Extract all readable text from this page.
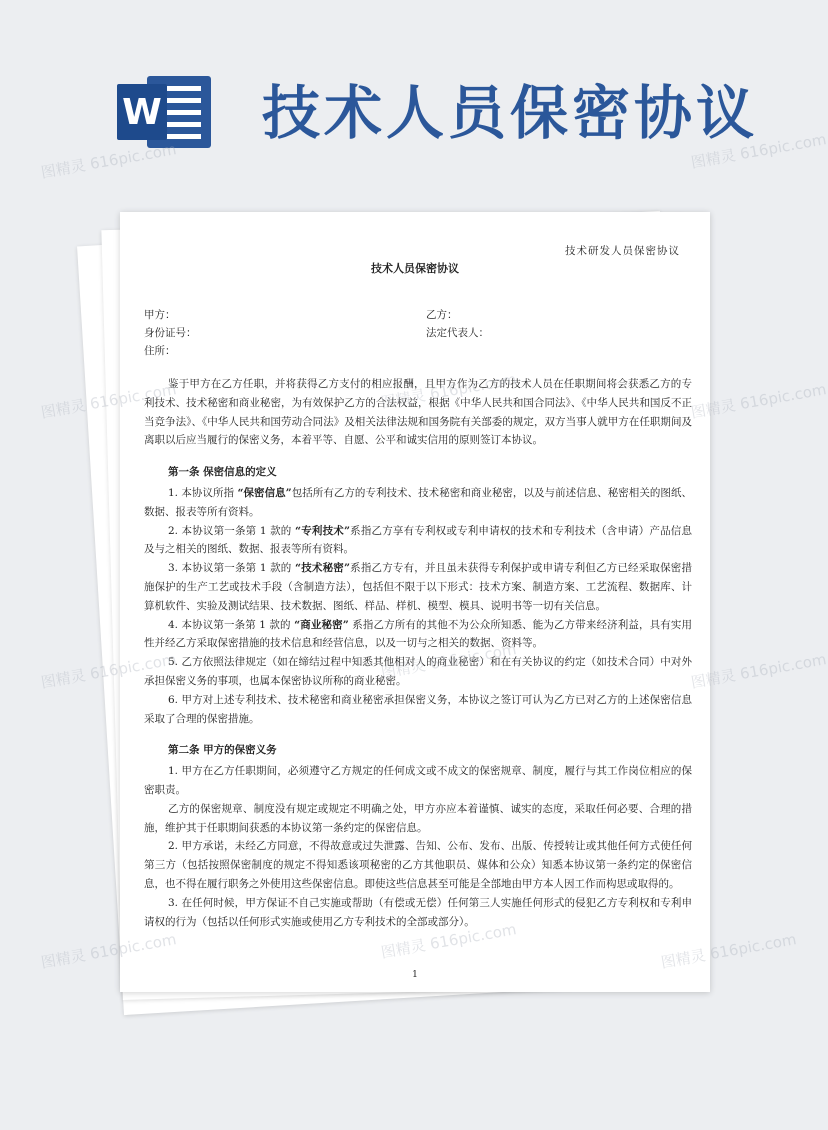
W 技术人员保密协议
技术研发人员保密协议
技术人员保密协议
甲方：	乙方：
身份证号：	法定代表人：
住所：

鉴于甲方在乙方任职，并将获得乙方支付的相应报酬，且甲方作为乙方的技术人员在任职期间将会获悉乙方的专利技术、技术秘密和商业秘密，为有效保护乙方的合法权益，根据《中华人民共和国合同法》、《中华人民共和国反不正当竞争法》、《中华人民共和国劳动合同法》及相关法律法规和国务院有关部委的规定，双方当事人就甲方在任职期间及离职以后应当履行的保密义务，本着平等、自愿、公平和诚实信用的原则签订本协议。

第一条 保密信息的定义

1. 本协议所指 “保密信息”包括所有乙方的专利技术、技术秘密和商业秘密，以及与前述信息、秘密相关的图纸、数据、报表等所有资料。

2. 本协议第一条第 1 款的 “专利技术”系指乙方享有专利权或专利申请权的技术和专利技术（含申请）产品信息及与之相关的图纸、数据、报表等所有资料。

3. 本协议第一条第 1 款的 “技术秘密”系指乙方专有，并且虽未获得专利保护或申请专利但乙方已经采取保密措施保护的生产工艺或技术手段（含制造方法），包括但不限于以下形式：技术方案、制造方案、工艺流程、数据库、计算机软件、实验及测试结果、技术数据、图纸、样品、样机、模型、模具、说明书等一切有关信息。

4. 本协议第一条第 1 款的 “商业秘密” 系指乙方所有的其他不为公众所知悉、能为乙方带来经济利益，具有实用性并经乙方采取保密措施的技术信息和经营信息，以及一切与之相关的数据、资料等。

5. 乙方依照法律规定（如在缔结过程中知悉其他相对人的商业秘密）和在有关协议的约定（如技术合同）中对外承担保密义务的事项，也属本保密协议所称的商业秘密。

6. 甲方对上述专利技术、技术秘密和商业秘密承担保密义务，本协议之签订可认为乙方已对乙方的上述保密信息采取了合理的保密措施。

第二条 甲方的保密义务

1. 甲方在乙方任职期间，必须遵守乙方规定的任何成文或不成文的保密规章、制度，履行与其工作岗位相应的保密职责。

乙方的保密规章、制度没有规定或规定不明确之处，甲方亦应本着谨慎、诚实的态度，采取任何必要、合理的措施，维护其于任职期间获悉的本协议第一条约定的保密信息。

2. 甲方承诺，未经乙方同意，不得故意或过失泄露、告知、公布、发布、出版、传授转让或其他任何方式使任何第三方（包括按照保密制度的规定不得知悉该项秘密的乙方其他职员、媒体和公众）知悉本协议第一条约定的保密信息，也不得在履行职务之外使用这些保密信息。即使这些信息甚至可能是全部地由甲方本人因工作而构思或取得的。

3. 在任何时候，甲方保证不自己实施或帮助（有偿或无偿）任何第三人实施任何形式的侵犯乙方专利权和专利申请权的行为（包括以任何形式实施或使用乙方专利技术的全部或部分）。

1
图精灵 616pic.com	图精灵 616pic.com
图精灵 616pic.com	图精灵 616pic.com	图精灵 616pic.com
图精灵 616pic.com	图精灵 616pic.com	图精灵 616pic.com
图精灵 616pic.com	图精灵 616pic.com	图精灵 616pic.com
